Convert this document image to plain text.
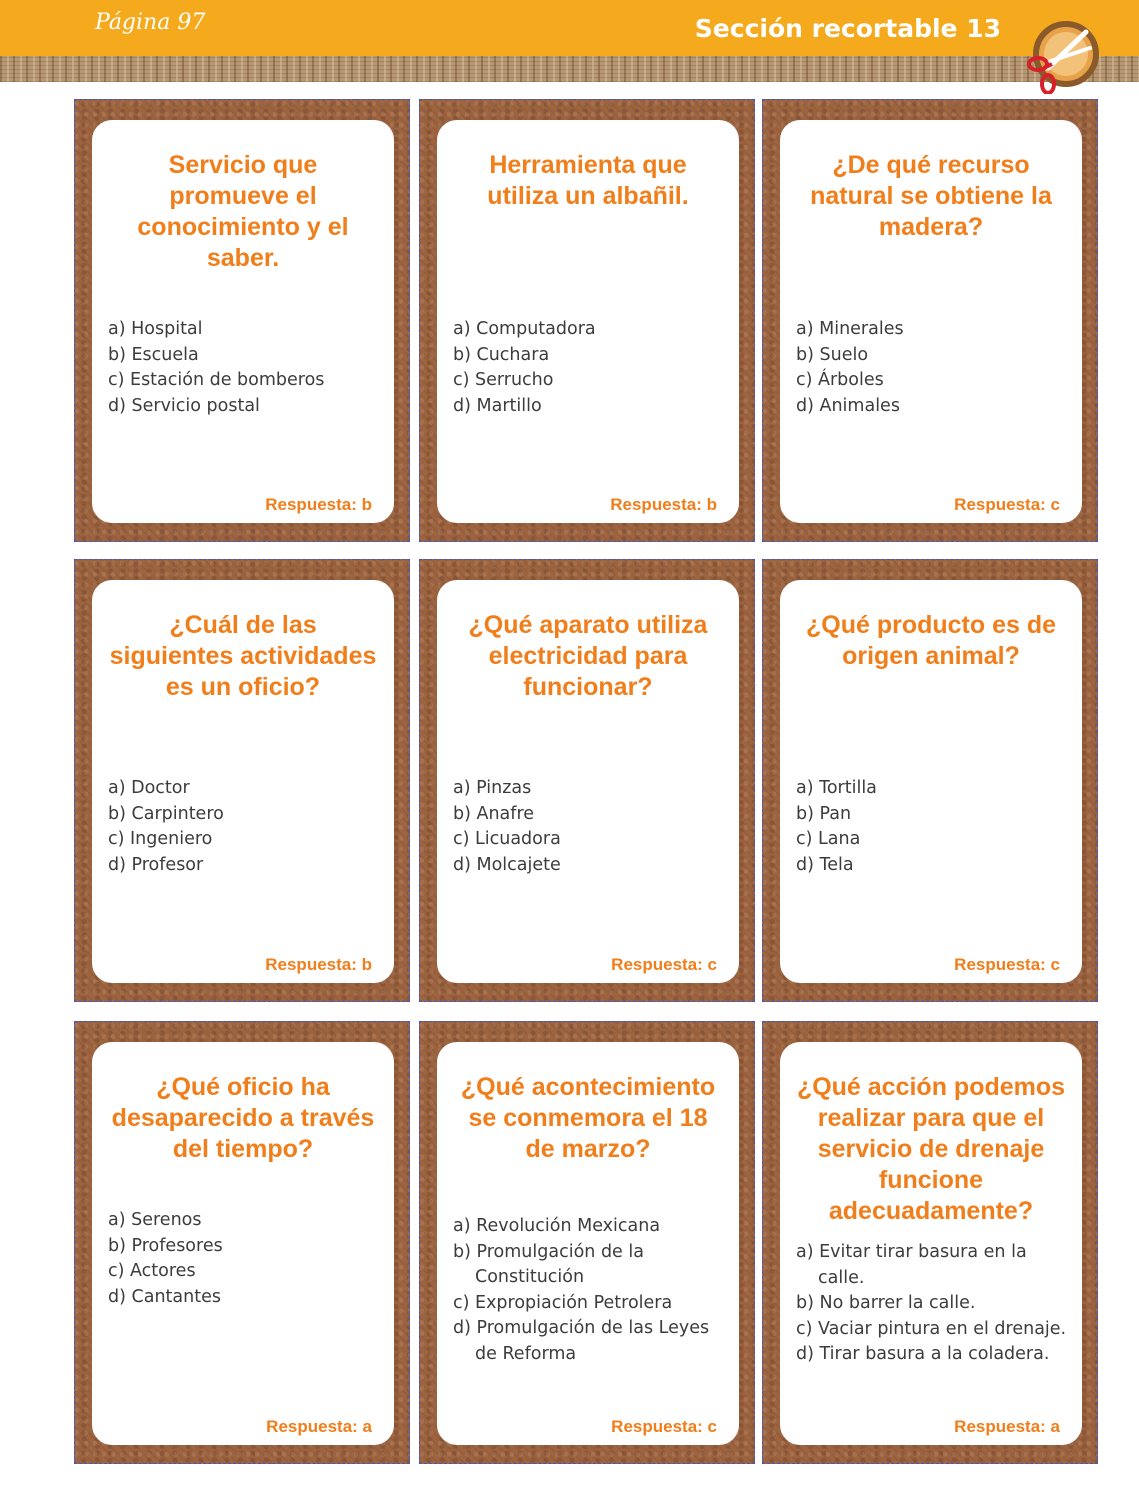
Página 97	Sección recortable 13
Servicio que promueve el conocimiento y el saber.
a) Hospital
b) Escuela
c) Estación de bomberos
d) Servicio postal
Respuesta: b
Herramienta que utiliza un albañil.
a) Computadora
b) Cuchara
c) Serrucho
d) Martillo
Respuesta: b
¿De qué recurso natural se obtiene la madera?
a) Minerales
b) Suelo
c) Árboles
d) Animales
Respuesta: c
¿Cuál de las siguientes actividades es un oficio?
a) Doctor
b) Carpintero
c) Ingeniero
d) Profesor
Respuesta: b
¿Qué aparato utiliza electricidad para funcionar?
a) Pinzas
b) Anafre
c) Licuadora
d) Molcajete
Respuesta: c
¿Qué producto es de origen animal?
a) Tortilla
b) Pan
c) Lana
d) Tela
Respuesta: c
¿Qué oficio ha desaparecido a través del tiempo?
a) Serenos
b) Profesores
c) Actores
d) Cantantes
Respuesta: a
¿Qué acontecimiento se conmemora el 18 de marzo?
a) Revolución Mexicana
b) Promulgación de la Constitución
c) Expropiación Petrolera
d) Promulgación de las Leyes de Reforma
Respuesta: c
¿Qué acción podemos realizar para que el servicio de drenaje funcione adecuadamente?
a) Evitar tirar basura en la calle.
b) No barrer la calle.
c) Vaciar pintura en el drenaje.
d) Tirar basura a la coladera.
Respuesta: a
